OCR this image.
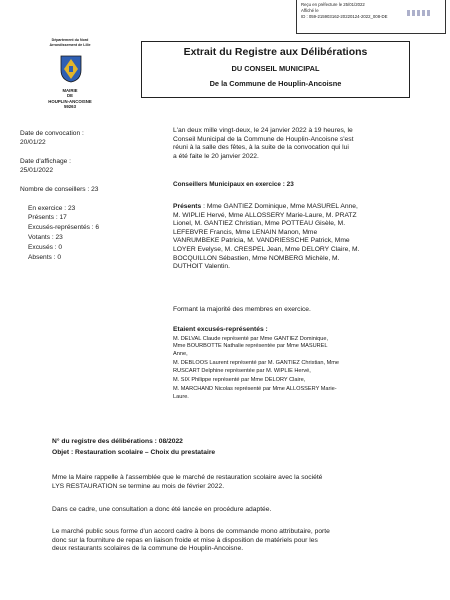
Reçu en préfecture le 25/01/2022
Affiché le
ID : 059-215903162-20220124-2022_008-DE
Département du Nord
Arrondissement de Lille
MAIRIE
DE
HOUPLIN-ANCOISNE
59263
Extrait du Registre aux Délibérations
DU CONSEIL MUNICIPAL
De la Commune de Houplin-Ancoisne
Date de convocation :
20/01/22
Date d'affichage :
25/01/2022
Nombre de conseillers : 23
En exercice : 23
Présents : 17
Excusés-représentés : 6
Votants : 23
Excusés : 0
Absents : 0
L'an deux mille vingt-deux, le 24 janvier 2022 à 19 heures, le
Conseil Municipal de la Commune de Houplin-Ancoisne s'est
réuni à la salle des fêtes, à la suite de la convocation qui lui
a été faite le 20 janvier 2022.
Conseillers Municipaux en exercice : 23
Présents : Mme GANTIEZ Dominique, Mme MASUREL Anne,
M. WIPLIE Hervé, Mme ALLOSSERY Marie-Laure, M. PRATZ
Lionel, M. GANTIEZ Christian, Mme POTTEAU Gisèle, M.
LEFEBVRE Francis, Mme LENAIN Manon, Mme
VANRUMBEKE Patricia, M. VANDRIESSCHE Patrick, Mme
LOYER Evelyse, M. CRESPEL Jean, Mme DELORY Claire, M.
BOCQUILLON Sébastien, Mme NOMBERG Michèle, M.
DUTHOIT Valentin.
Formant la majorité des membres en exercice.
Etaient excusés-représentés :
M. DELVAL Claude représenté par Mme GANTIEZ Dominique,
Mme BOURBOTTE Nathalie représentée par Mme MASUREL
Anne,
M. DEBLOOS Laurent représenté par M. GANTIEZ Christian, Mme
RUSCART Delphine représentée par M. WIPLIE Hervé,
M. SIX Philippe représenté par Mme DELORY Claire,
M. MARCHAND Nicolas représenté par Mme ALLOSSERY Marie-
Laure.
N° du registre des délibérations : 08/2022
Objet : Restauration scolaire – Choix du prestataire
Mme la Maire rappelle à l'assemblée que le marché de restauration scolaire avec la société
LYS RESTAURATION se termine au mois de février 2022.
Dans ce cadre, une consultation a donc été lancée en procédure adaptée.
Le marché public sous forme d'un accord cadre à bons de commande mono attributaire, porte
donc sur la fourniture de repas en liaison froide et mise à disposition de matériels pour les
deux restaurants scolaires de la commune de Houplin-Ancoisne.
